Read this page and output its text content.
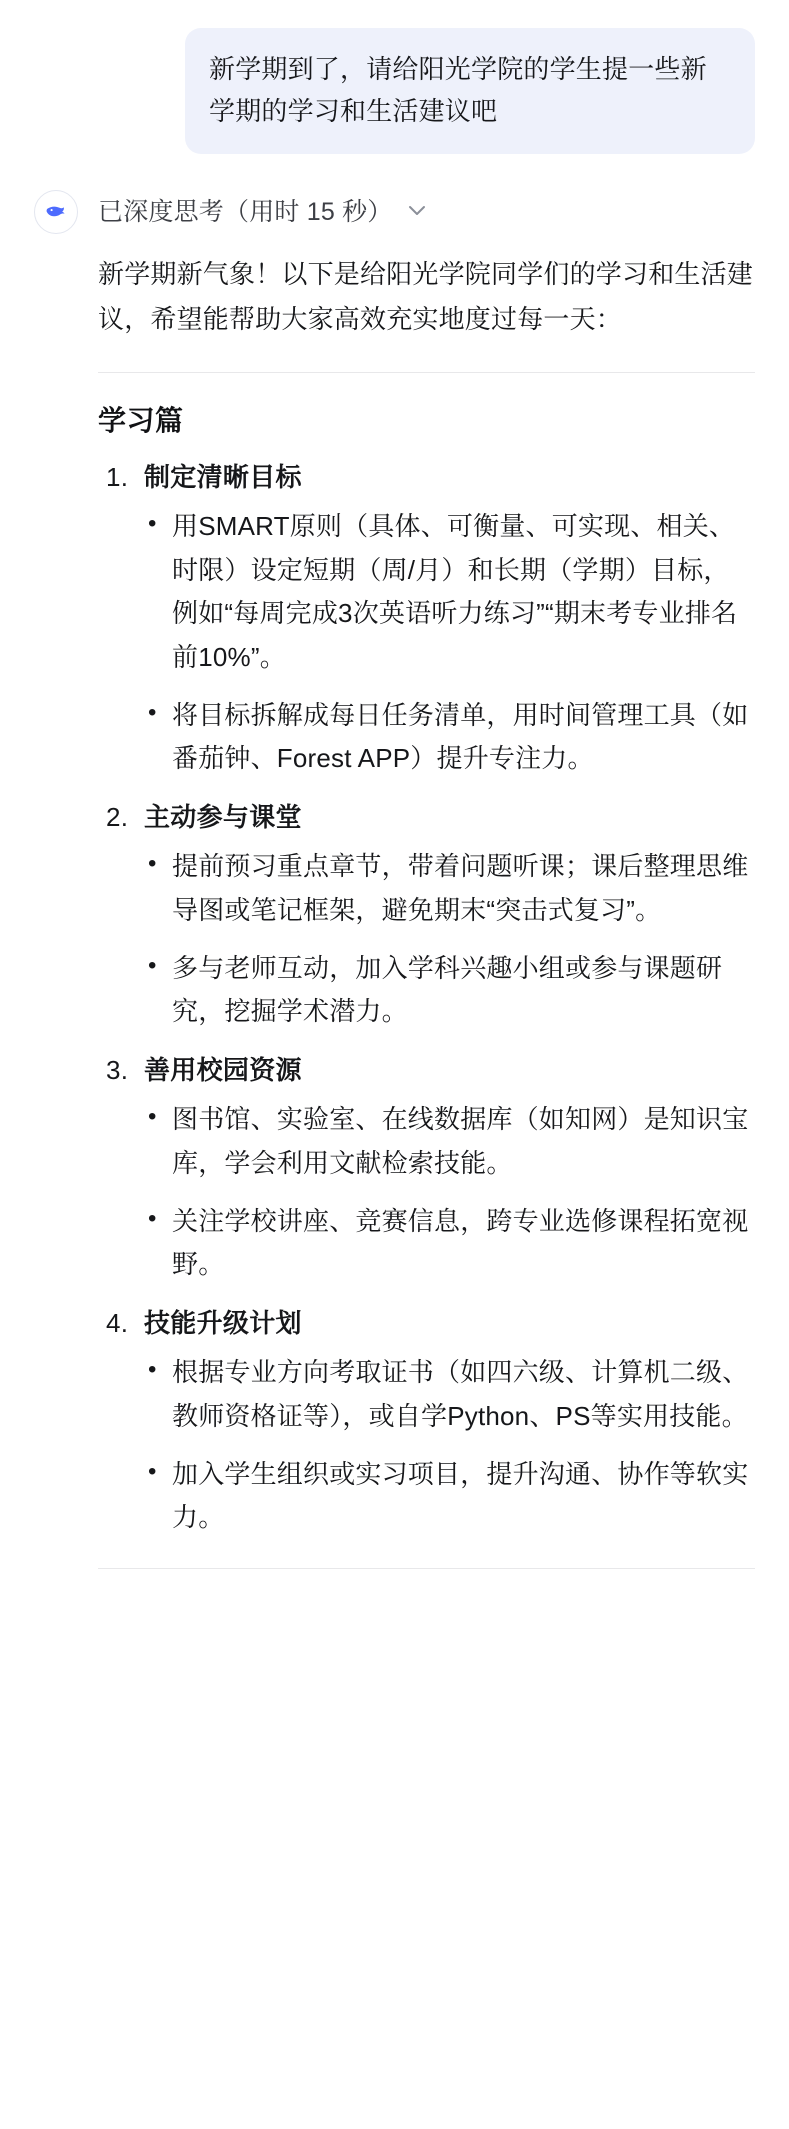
新学期到了，请给阳光学院的学生提一些新学期的学习和生活建议吧
已深度思考（用时 15 秒）

新学期新气象！以下是给阳光学院同学们的学习和生活建议，希望能帮助大家高效充实地度过每一天：

学习篇
制定清晰目标
• 用SMART原则（具体、可衡量、可实现、相关、时限）设定短期（周/月）和长期（学期）目标，例如“每周完成3次英语听力练习”“期末考专业排名前10%”。
• 将目标拆解成每日任务清单，用时间管理工具（如番茄钟、Forest APP）提升专注力。
主动参与课堂
• 提前预习重点章节，带着问题听课；课后整理思维导图或笔记框架，避免期末“突击式复习”。
• 多与老师互动，加入学科兴趣小组或参与课题研究，挖掘学术潜力。
善用校园资源
• 图书馆、实验室、在线数据库（如知网）是知识宝库，学会利用文献检索技能。
• 关注学校讲座、竞赛信息，跨专业选修课程拓宽视野。
技能升级计划
• 根据专业方向考取证书（如四六级、计算机二级、教师资格证等），或自学Python、PS等实用技能。
• 加入学生组织或实习项目，提升沟通、协作等软实力。
